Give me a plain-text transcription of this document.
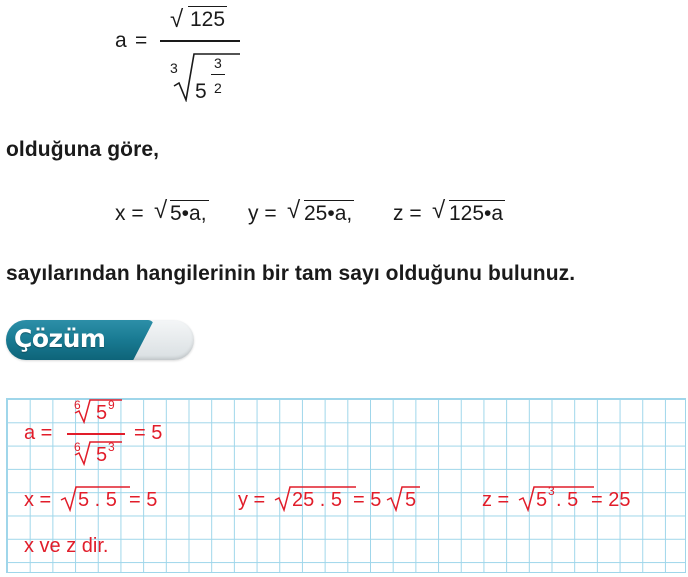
a =
√ 125
3
5
3
2
olduğuna göre,
x = √ 5•a, y = √ 25•a, z = √ 125•a
sayılarından hangilerinin bir tam sayı olduğunu bulunuz.
Çözüm
a =
6 5 9
6 5 3
= 5
x = 5 . 5 = 5	y = 25 . 5 = 5 5	z = 5 3 . 5 = 25
x ve z dir.
